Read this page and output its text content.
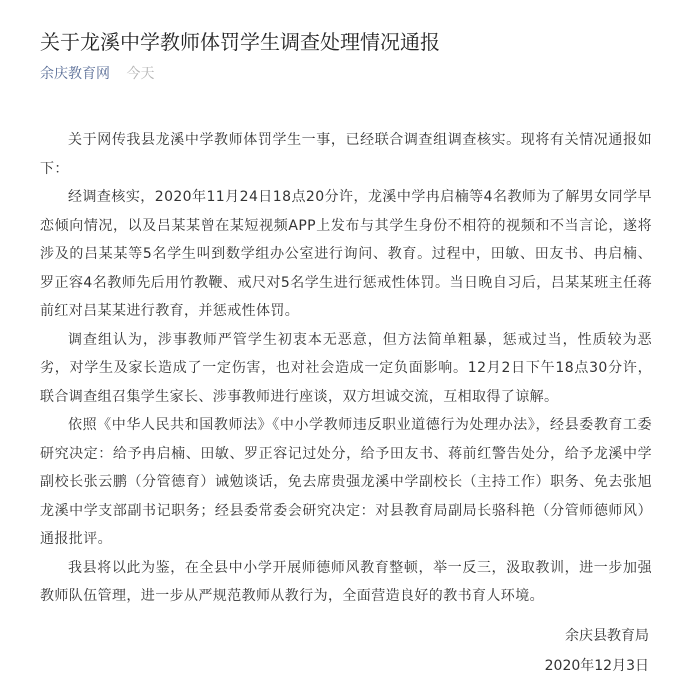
关于龙溪中学教师体罚学生调查处理情况通报
余庆教育网 今天

关于网传我县龙溪中学教师体罚学生一事，已经联合调查组调查核实。现将有关情况通报如下：

经调查核实，2020年11月24日18点20分许，龙溪中学冉启楠等4名教师为了解男女同学早恋倾向情况，以及吕某某曾在某短视频APP上发布与其学生身份不相符的视频和不当言论，遂将涉及的吕某某等5名学生叫到数学组办公室进行询问、教育。过程中，田敏、田友书、冉启楠、罗正容4名教师先后用竹教鞭、戒尺对5名学生进行惩戒性体罚。当日晚自习后，吕某某班主任蒋前红对吕某某进行教育，并惩戒性体罚。

调查组认为，涉事教师严管学生初衷本无恶意，但方法简单粗暴，惩戒过当，性质较为恶劣，对学生及家长造成了一定伤害，也对社会造成一定负面影响。12月2日下午18点30分许，联合调查组召集学生家长、涉事教师进行座谈，双方坦诚交流，互相取得了谅解。

依照《中华人民共和国教师法》《中小学教师违反职业道德行为处理办法》，经县委教育工委研究决定：给予冉启楠、田敏、罗正容记过处分，给予田友书、蒋前红警告处分，给予龙溪中学副校长张云鹏（分管德育）诫勉谈话，免去席贵强龙溪中学副校长（主持工作）职务、免去张旭龙溪中学支部副书记职务；经县委常委会研究决定：对县教育局副局长骆科艳（分管师德师风）通报批评。

我县将以此为鉴，在全县中小学开展师德师风教育整顿，举一反三，汲取教训，进一步加强教师队伍管理，进一步从严规范教师从教行为，全面营造良好的教书育人环境。

余庆县教育局
2020年12月3日
